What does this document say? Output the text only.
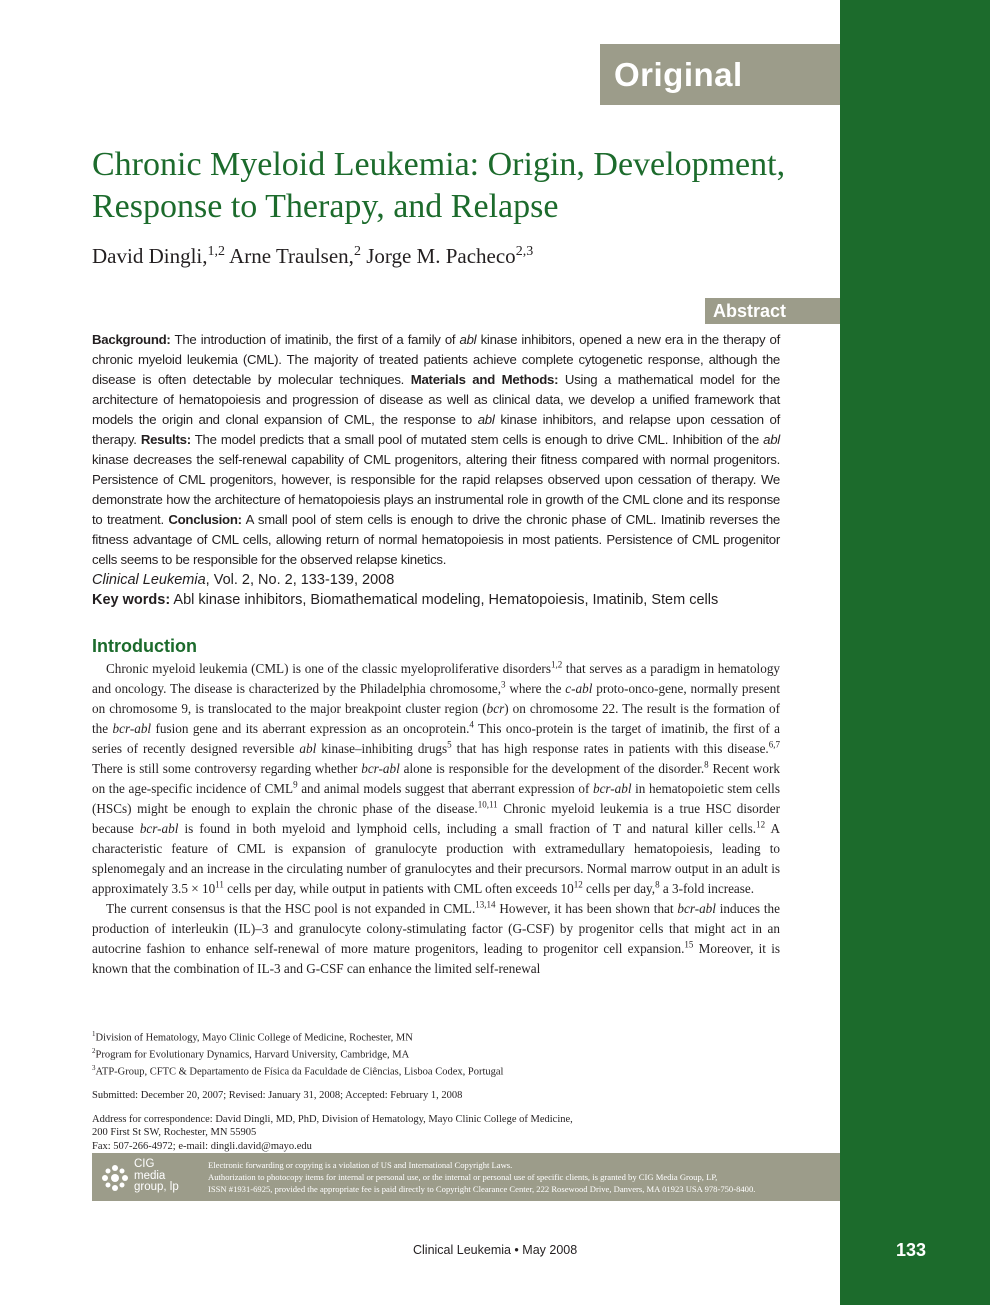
Original Contribution
Chronic Myeloid Leukemia: Origin, Development,
Response to Therapy, and Relapse
David Dingli,$^{1,2}$ Arne Traulsen,$^2$ Jorge M. Pacheco$^{2,3}$
Abstract

Background: The introduction of imatinib, the first of a family of abl kinase inhibitors, opened a new era in the therapy of chronic myeloid leukemia (CML). The majority of treated patients achieve complete cytogenetic response, although the disease is often detectable by molecular techniques. Materials and Methods: Using a mathematical model for the architecture of hematopoiesis and progression of disease as well as clinical data, we develop a unified framework that models the origin and clonal expansion of CML, the response to abl kinase inhibitors, and relapse upon cessation of therapy. Results: The model predicts that a small pool of mutated stem cells is enough to drive CML. Inhibition of the abl kinase decreases the self-renewal capability of CML progenitors, altering their fitness compared with normal progenitors. Persistence of CML progenitors, however, is responsible for the rapid relapses observed upon cessation of therapy. We demonstrate how the architecture of hematopoiesis plays an instrumental role in growth of the CML clone and its response to treatment. Conclusion: A small pool of stem cells is enough to drive the chronic phase of CML. Imatinib reverses the fitness advantage of CML cells, allowing return of normal hematopoiesis in most patients. Persistence of CML progenitor cells seems to be responsible for the observed relapse kinetics.

Clinical Leukemia, Vol. 2, No. 2, 133-139, 2008
Key words: Abl kinase inhibitors, Biomathematical modeling, Hematopoiesis, Imatinib, Stem cells
Introduction

Chronic myeloid leukemia (CML) is one of the classic myeloproliferative disorders$^{1,2}$ that serves as a paradigm in hematology and oncology. The disease is characterized by the Philadelphia chromosome,$^3$ where the c-abl proto-onco-gene, normally present on chromosome 9, is translocated to the major breakpoint cluster region (bcr) on chromosome 22. The result is the formation of the bcr-abl fusion gene and its aberrant expression as an oncoprotein.$^4$ This onco-protein is the target of imatinib, the first of a series of recently designed reversible abl kinase–inhibiting drugs$^5$ that has high response rates in patients with this disease.$^{6,7}$ There is still some controversy regarding whether bcr-abl alone is responsible for the development of the disorder.$^8$ Recent work on the age-specific incidence of CML$^9$ and animal models suggest that aberrant expression of bcr-abl in hematopoietic stem cells (HSCs) might be enough to explain the chronic phase of the disease.$^{10,11}$ Chronic myeloid leukemia is a true HSC disorder because bcr-abl is found in both myeloid and lymphoid cells, including a small fraction of T and natural killer cells.$^{12}$ A characteristic feature of CML is expansion of granulocyte production with extramedullary hematopoiesis, leading to splenomegaly and an increase in the circulating number of granulocytes and their precursors. Normal marrow output in an adult is approximately $3.5 \times 10^{11}$ cells per day, while output in patients with CML often exceeds $10^{12}$ cells per day,$^8$ a 3-fold increase.

The current consensus is that the HSC pool is not expanded in CML.$^{13,14}$ However, it has been shown that bcr-abl induces the production of interleukin (IL)–3 and granulocyte colony-stimulating factor (G-CSF) by progenitor cells that might act in an autocrine fashion to enhance self-renewal of more mature progenitors, leading to progenitor cell expansion.$^{15}$ Moreover, it is known that the combination of IL-3 and G-CSF can enhance the limited self-renewal

$^1$Division of Hematology, Mayo Clinic College of Medicine, Rochester, MN
$^2$Program for Evolutionary Dynamics, Harvard University, Cambridge, MA
$^3$ATP-Group, CFTC & Departamento de Física da Faculdade de Ciências, Lisboa Codex, Portugal
Submitted: December 20, 2007; Revised: January 31, 2008; Accepted: February 1, 2008
Address for correspondence: David Dingli, MD, PhD, Division of Hematology, Mayo Clinic College of Medicine,
200 First St SW, Rochester, MN 55905
Fax: 507-266-4972; e-mail: dingli.david@mayo.edu
CIG
media
group, lp
Electronic forwarding or copying is a violation of US and International Copyright Laws.
Authorization to photocopy items for internal or personal use, or the internal or personal use of specific clients, is granted by CIG Media Group, LP,
ISSN #1931-6925, provided the appropriate fee is paid directly to Copyright Clearance Center, 222 Rosewood Drive, Danvers, MA 01923 USA 978-750-8400.
Clinical Leukemia • May 2008	133
